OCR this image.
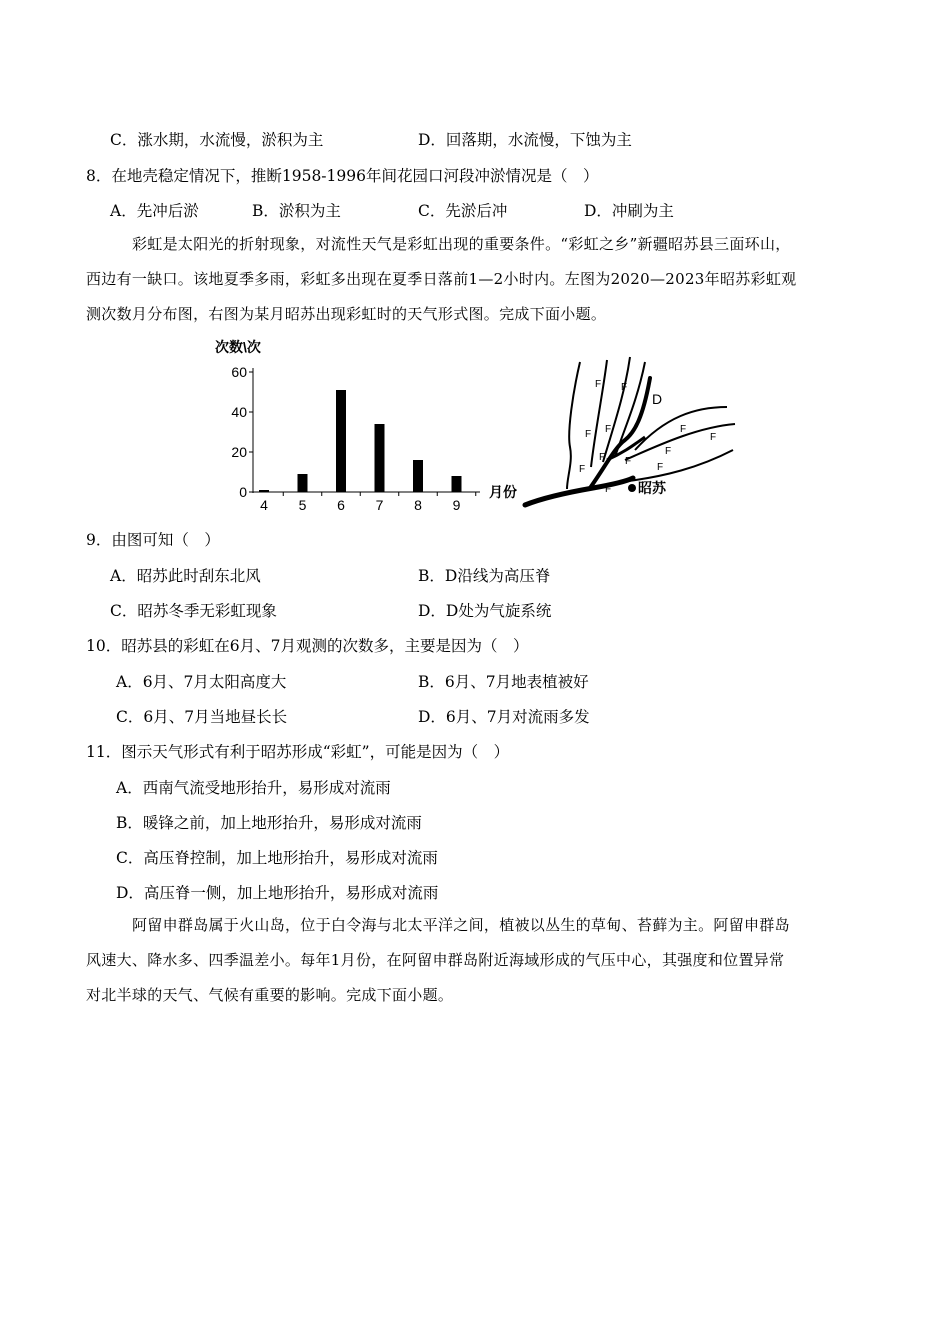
C．涨水期，水流慢，淤积为主	D．回落期，水流慢，下蚀为主
8．在地壳稳定情况下，推断1958-1996年间花园口河段冲淤情况是（　）
A．先冲后淤	B．淤积为主	C．先淤后冲	D．冲刷为主
彩虹是太阳光的折射现象，对流性天气是彩虹出现的重要条件。“彩虹之乡”新疆昭苏县三面环山，
西边有一缺口。该地夏季多雨，彩虹多出现在夏季日落前1—2小时内。左图为2020—2023年昭苏彩虹观
测次数月分布图，右图为某月昭苏出现彩虹时的天气形式图。完成下面小题。
次数\次
0
20
40
60
4 5 6 7 8 9
月份
F F
F F
F
F
F
F
F
F
F
F
D
昭苏
9．由图可知（　）
A．昭苏此时刮东北风	B．D沿线为高压脊
C．昭苏冬季无彩虹现象	D．D处为气旋系统
10．昭苏县的彩虹在6月、7月观测的次数多，主要是因为（　）
A．6月、7月太阳高度大	B．6月、7月地表植被好
C．6月、7月当地昼长长	D．6月、7月对流雨多发
11．图示天气形式有利于昭苏形成“彩虹”，可能是因为（　）
A．西南气流受地形抬升，易形成对流雨
B．暖锋之前，加上地形抬升，易形成对流雨
C．高压脊控制，加上地形抬升，易形成对流雨
D．高压脊一侧，加上地形抬升，易形成对流雨
阿留申群岛属于火山岛，位于白令海与北太平洋之间，植被以丛生的草甸、苔藓为主。阿留申群岛
风速大、降水多、四季温差小。每年1月份，在阿留申群岛附近海域形成的气压中心，其强度和位置异常
对北半球的天气、气候有重要的影响。完成下面小题。
